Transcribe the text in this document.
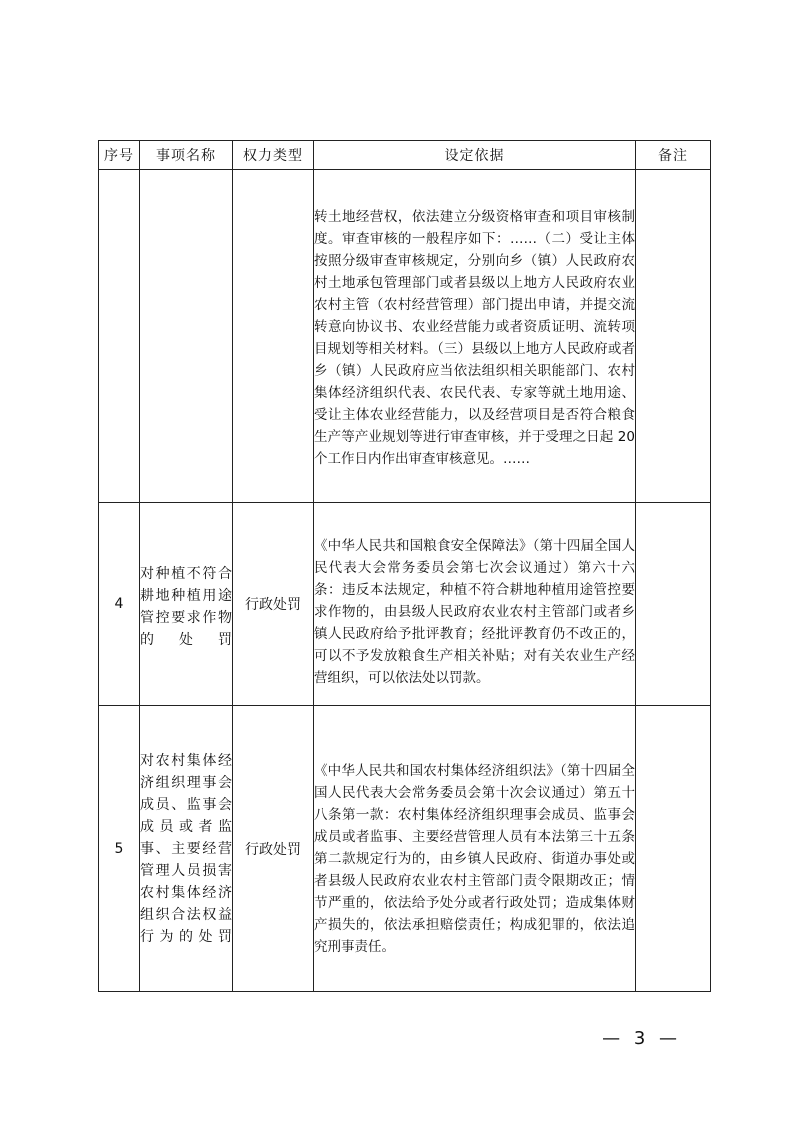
序号	事项名称	权力类型	设定依据	备注
			转土地经营权，依法建立分级资格审查和项目审核制度。审查审核的一般程序如下：……（二）受让主体按照分级审查审核规定，分别向乡（镇）人民政府农村土地承包管理部门或者县级以上地方人民政府农业农村主管（农村经营管理）部门提出申请，并提交流转意向协议书、农业经营能力或者资质证明、流转项目规划等相关材料。（三）县级以上地方人民政府或者乡（镇）人民政府应当依法组织相关职能部门、农村集体经济组织代表、农民代表、专家等就土地用途、受让主体农业经营能力，以及经营项目是否符合粮食生产等产业规划等进行审查审核，并于受理之日起 20 个工作日内作出审查审核意见。……	
4	对种植不符合耕地种植用途管控要求作物的处罚	行政处罚	《中华人民共和国粮食安全保障法》（第十四届全国人民代表大会常务委员会第七次会议通过）第六十六条：违反本法规定，种植不符合耕地种植用途管控要求作物的，由县级人民政府农业农村主管部门或者乡镇人民政府给予批评教育；经批评教育仍不改正的，可以不予发放粮食生产相关补贴；对有关农业生产经营组织，可以依法处以罚款。	
5	对农村集体经济组织理事会成员、监事会成员或者监事、主要经营管理人员损害农村集体经济组织合法权益行为的处罚	行政处罚	《中华人民共和国农村集体经济组织法》（第十四届全国人民代表大会常务委员会第十次会议通过）第五十八条第一款：农村集体经济组织理事会成员、监事会成员或者监事、主要经营管理人员有本法第三十五条第二款规定行为的，由乡镇人民政府、街道办事处或者县级人民政府农业农村主管部门责令限期改正；情节严重的，依法给予处分或者行政处罚；造成集体财产损失的，依法承担赔偿责任；构成犯罪的，依法追究刑事责任。	
— 3 —
